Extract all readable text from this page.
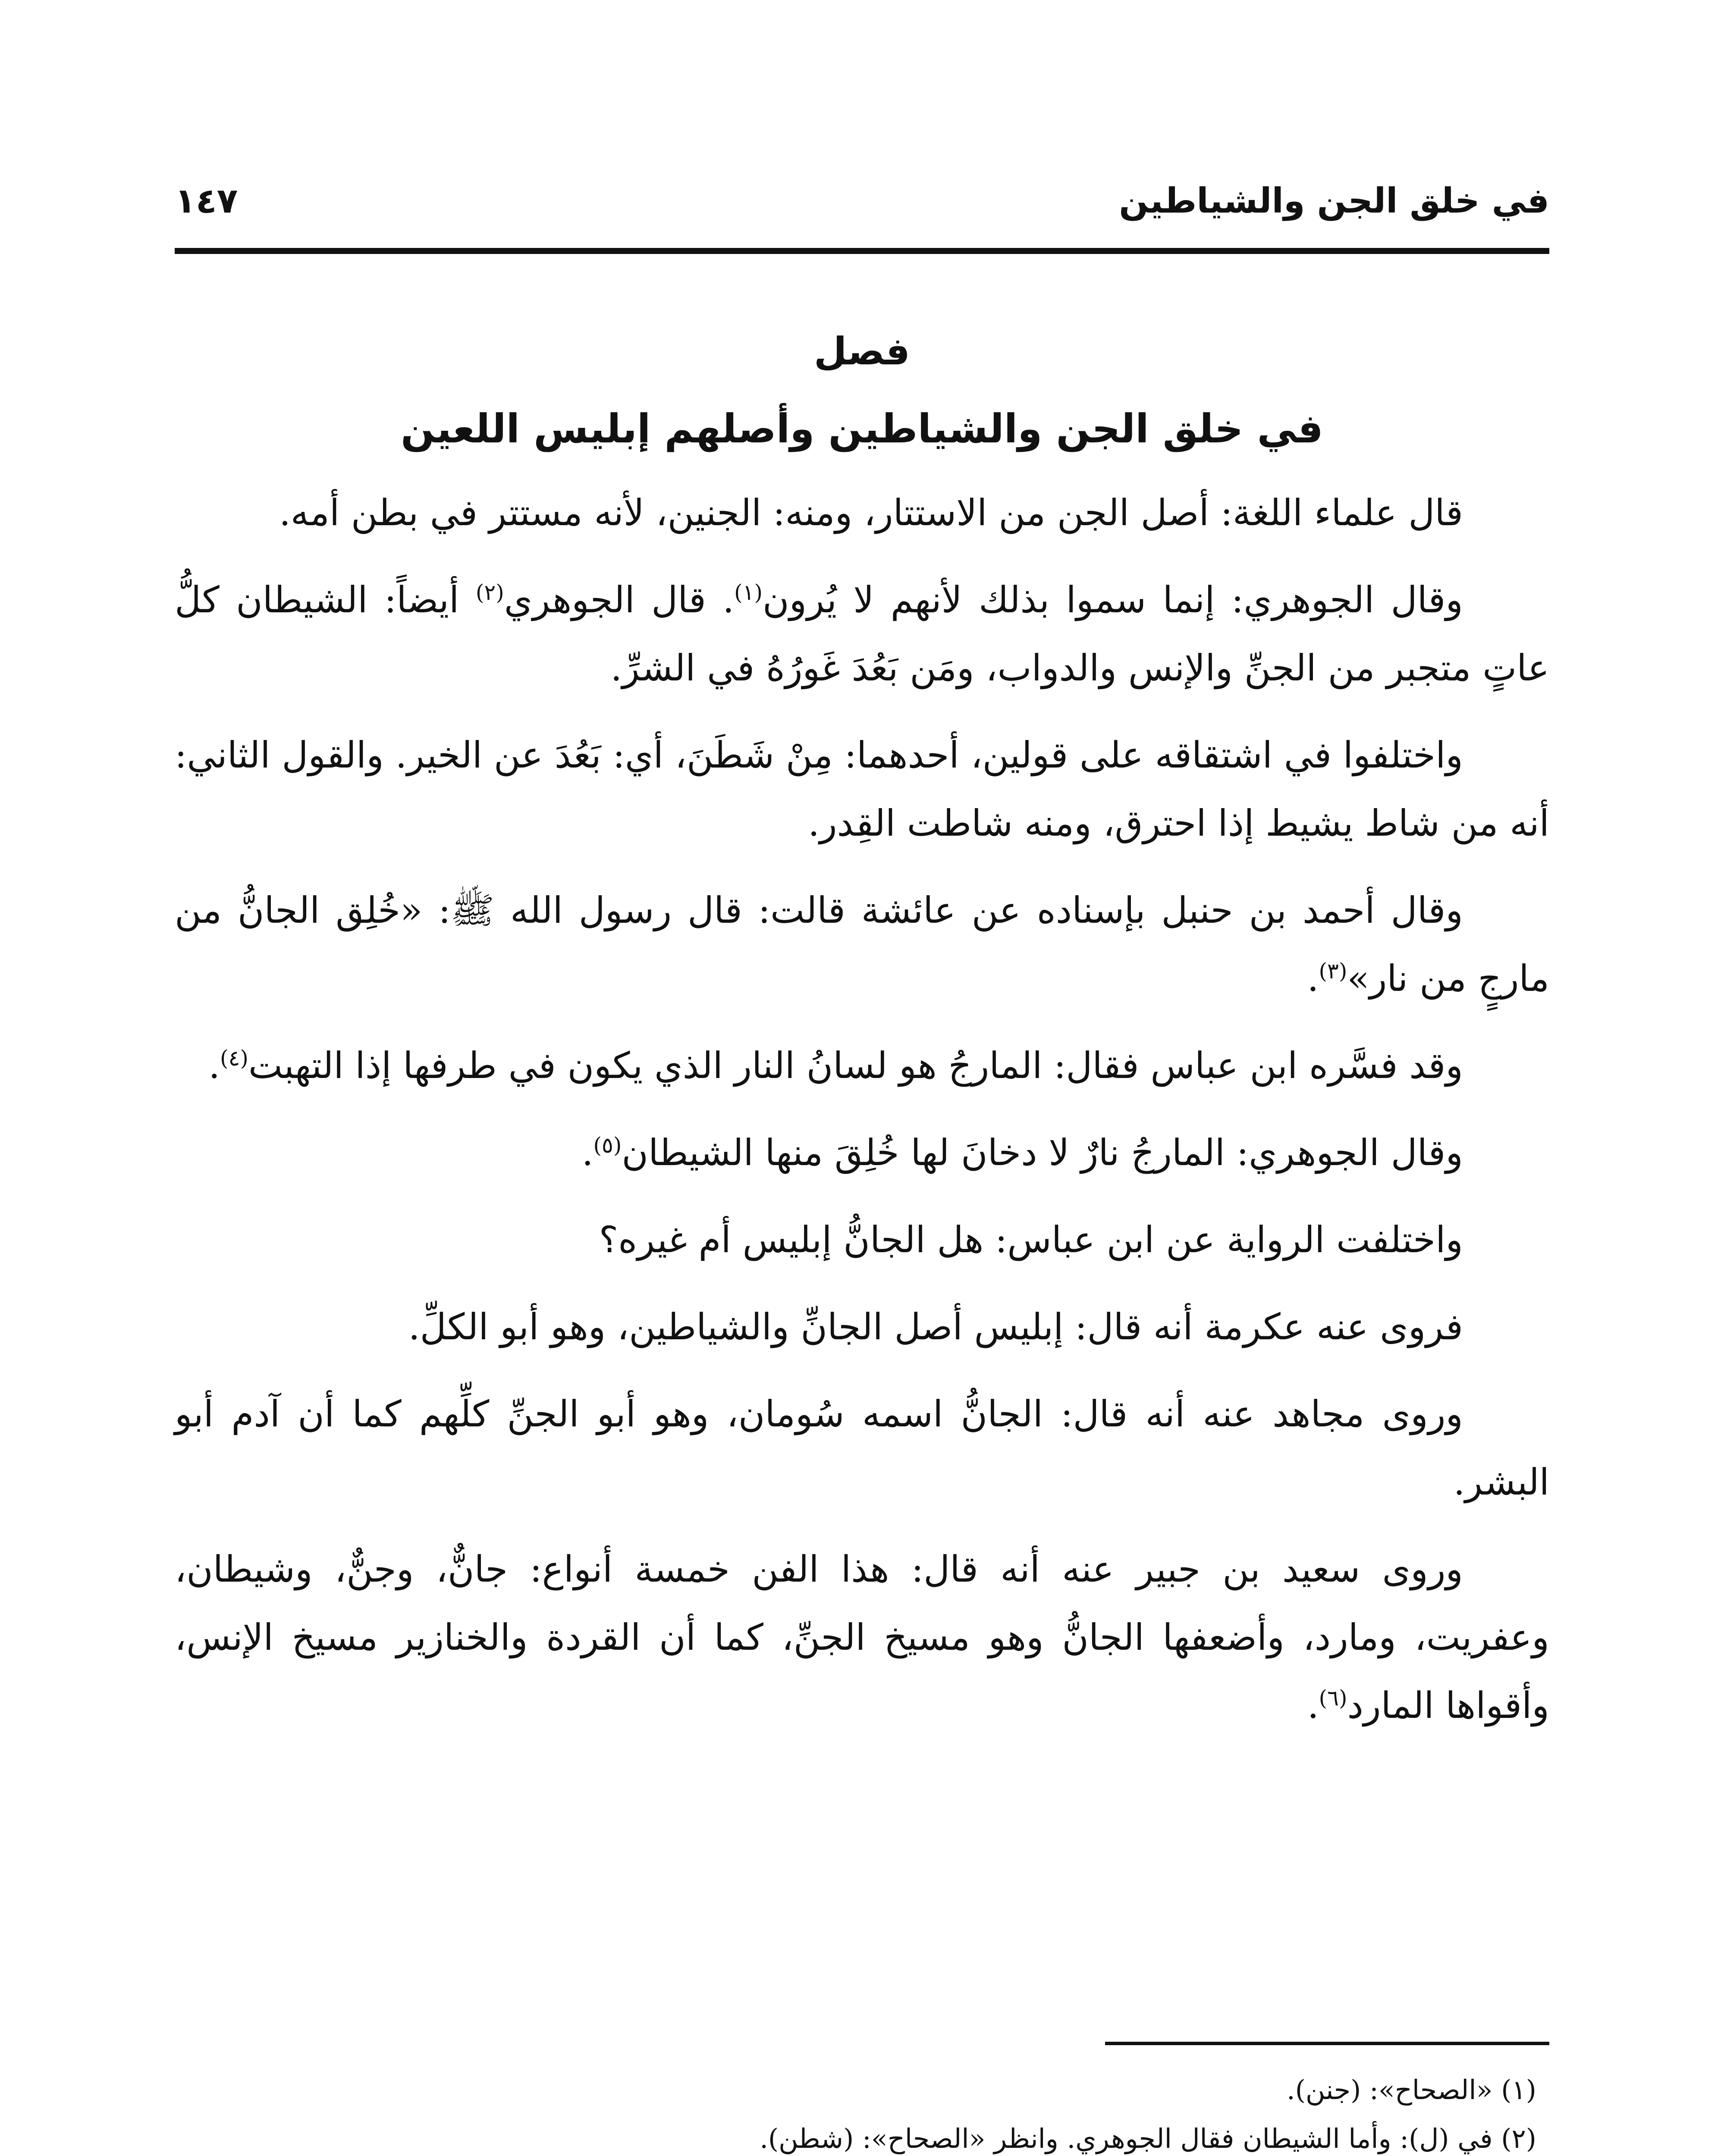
في خلق الجن والشياطين
١٤٧
فصل
في خلق الجن والشياطين وأصلهم إبليس اللعين

قال علماء اللغة: أصل الجن من الاستتار، ومنه: الجنين، لأنه مستتر في بطن أمه.

وقال الجوهري: إنما سموا بذلك لأنهم لا يُرون$^{(١)}$. قال الجوهري$^{(٢)}$ أيضاً: الشيطان كلُّ عاتٍ متجبر من الجنِّ والإنس والدواب، ومَن بَعُدَ غَورُهُ في الشرِّ.

واختلفوا في اشتقاقه على قولين، أحدهما: مِنْ شَطَنَ، أي: بَعُدَ عن الخير. والقول الثاني: أنه من شاط يشيط إذا احترق، ومنه شاطت القِدر.

وقال أحمد بن حنبل بإسناده عن عائشة قالت: قال رسول الله ﷺ: «خُلِق الجانُّ من مارجٍ من نار»$^{(٣)}$.

وقد فسَّره ابن عباس فقال: المارجُ هو لسانُ النار الذي يكون في طرفها إذا التهبت$^{(٤)}$.

وقال الجوهري: المارجُ نارٌ لا دخانَ لها خُلِقَ منها الشيطان$^{(٥)}$.

واختلفت الرواية عن ابن عباس: هل الجانُّ إبليس أم غيره؟

فروى عنه عكرمة أنه قال: إبليس أصل الجانِّ والشياطين، وهو أبو الكلِّ.

وروى مجاهد عنه أنه قال: الجانُّ اسمه سُومان، وهو أبو الجنِّ كلِّهم كما أن آدم أبو البشر.

وروى سعيد بن جبير عنه أنه قال: هذا الفن خمسة أنواع: جانٌّ، وجنٌّ، وشيطان، وعفريت، ومارد، وأضعفها الجانُّ وهو مسيخ الجنِّ، كما أن القردة والخنازير مسيخ الإنس، وأقواها المارد$^{(٦)}$.

(١) «الصحاح»: (جنن).

(٢) في (ل): وأما الشيطان فقال الجوهري. وانظر «الصحاح»: (شطن).
